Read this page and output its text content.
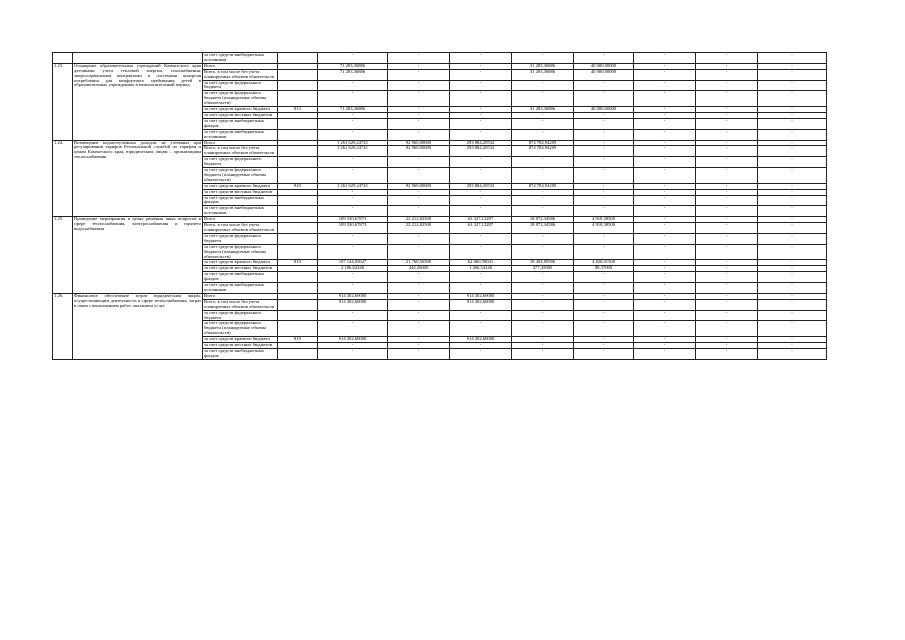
		за счет средств внебюджетных источников		-	-	-	-	-	-	-	-
1.23.	Оснащение образовательных учреждений Камчатского края датчиками учета тепловой энергии, газоснабжения, энергосервисными контрактами и системами контроля потребления для комфортного пребывания детей в образовательных учреждениях в межотопительный период	Всего		71 283,36886	-	-	31 283,36886	40 000,00000	-	-	-
		Всего, в том числе без учета планируемых объемов обязательств		71 283,36886	-	-	31 283,36886	40 000,00000	-	-	-
		за счет средств федерального бюджета		-	-	-	-	-	-	-	-
		за счет средств федерального бюджета (планируемые объемы обязательств)		-	-	-	-	-	-	-	-
		за счет средств краевого бюджета	813	71 283,36886	-	-	31 283,36886	40 000,00000	-	-	-
		за счет средств местных бюджетов		-	-	-	-	-	-	-	-
		за счет средств внебюджетных фондов		-	-	-	-	-	-	-	-
		за счет средств внебюджетных источников		-	-	-	-	-	-	-	-
1.24.	Возмещение недополученных доходов, не учтенных при регулировании тарифов Региональной службой по тарифам и ценам Камчатского края, юридическим лицам – организациям теплоснабжения	Всего		1 261 629,24741	92 960,00000	293 884,20532	874 784,94209	-	-	-	-
		Всего, в том числе без учета планируемых объемов обязательств		1 261 629,24741	92 960,00000	293 884,20532	874 784,94209	-	-	-	-
		за счет средств федерального бюджета		-	-	-	-	-	-	-	-
		за счет средств федерального бюджета (планируемые объемы обязательств)		-	-	-	-	-	-	-	-
		за счет средств краевого бюджета	843	1 261 629,24741	92 960,00000	293 884,20532	874 784,94209	-	-	-	-
		за счет средств местных бюджетов		-	-	-	-	-	-	-	-
		за счет средств внебюджетных фондов		-	-	-	-	-	-	-	-
		за счет средств внебюджетных источников		-	-	-	-	-	-	-	-
1.25.	Проведение мероприятия в целях решения иных вопросов в сфере теплоснабжения, электроснабжения и горячего водоснабжения	Всего		109 330,67873	22 212,82500	63 327,12287	18 872,34586	4 918,38500	-	-	-
		Всего, в том числе без учета планируемых объемов обязательств		109 330,67873	22 212,82500	63 327,12287	18 872,34586	4 918,38500	-	-	-
		за счет средств федерального бюджета		-	-	-	-	-	-	-	-
		за счет средств федерального бюджета (планируемые объемы обязательств)		-	-	-	-	-	-	-	-
		за счет средств краевого бюджета	810	107 144,05627	21 768,56500	62 060,58041	18 494,89586	4 820,01500	-	-	-
		за счет средств местных бюджетов		2 186,62246	444,26000	1 266,54246	377,45000	98,37000	-	-	-
		за счет средств внебюджетных фондов		-	-	-	-	-	-	-	-
		за счет средств внебюджетных источников		-	-	-	-	-	-	-	-
1.26.	Финансовое обеспечение затрат юридическим лицам, осуществляющим деятельность в сфере теплоснабжения, затрат в связи с выполнением работ, оказанием услуг	Всего		914 302,60000	-	914 302,60000	-	-	-	-	-
		Всего, в том числе без учета планируемых объемов обязательств		914 302,60000	-	914 302,60000	-	-	-	-	-
		за счет средств федерального бюджета		-	-	-	-	-	-	-	-
		за счет средств федерального бюджета (планируемые объемы обязательств)		-	-	-	-	-	-	-	-
		за счет средств краевого бюджета	810	914 302,60000	-	914 302,60000	-	-	-	-	-
		за счет средств местных бюджетов		-	-	-	-	-	-	-	-
		за счет средств внебюджетных фондов		-	-	-	-	-	-	-	-
